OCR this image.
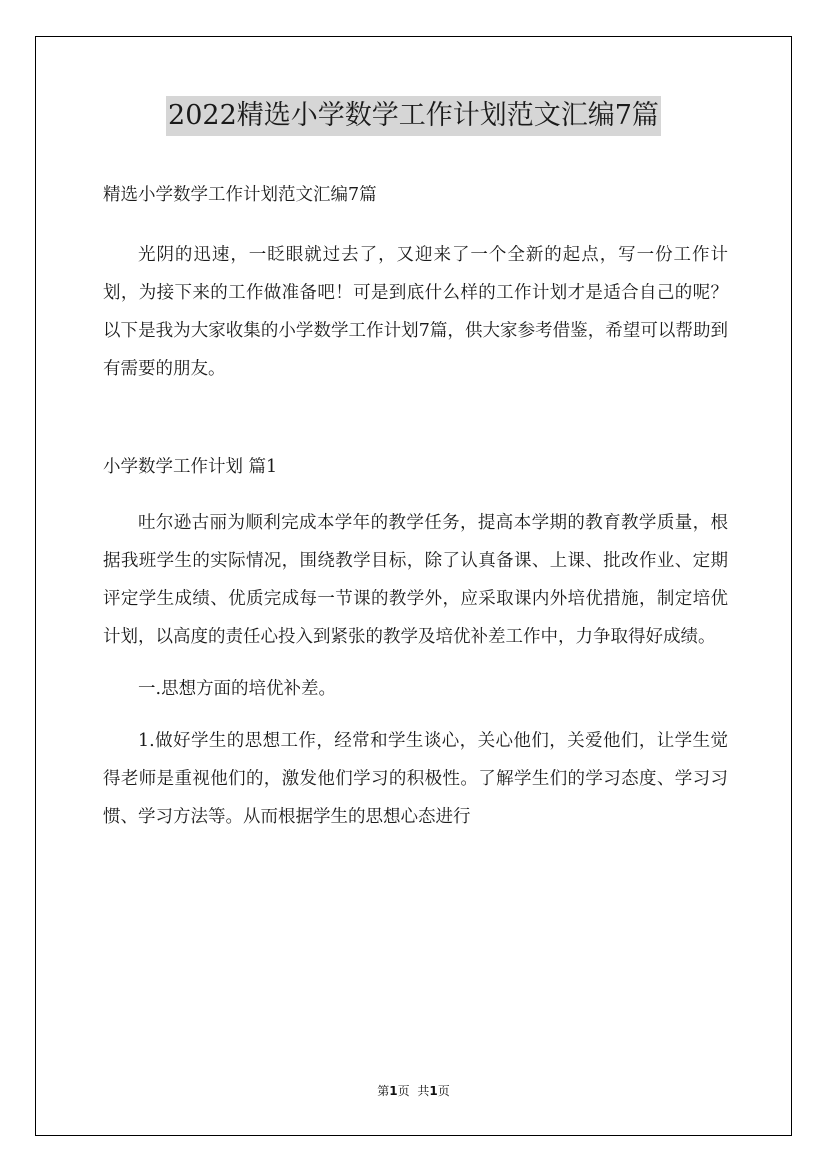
2022精选小学数学工作计划范文汇编7篇

精选小学数学工作计划范文汇编7篇

光阴的迅速，一眨眼就过去了，又迎来了一个全新的起点，写一份工作计划，为接下来的工作做准备吧！可是到底什么样的工作计划才是适合自己的呢？以下是我为大家收集的小学数学工作计划7篇，供大家参考借鉴，希望可以帮助到有需要的朋友。

小学数学工作计划 篇1

吐尔逊古丽为顺利完成本学年的教学任务，提高本学期的教育教学质量，根据我班学生的实际情况，围绕教学目标，除了认真备课、上课、批改作业、定期评定学生成绩、优质完成每一节课的教学外，应采取课内外培优措施，制定培优计划，以高度的责任心投入到紧张的教学及培优补差工作中，力争取得好成绩。

一.思想方面的培优补差。

1.做好学生的思想工作，经常和学生谈心，关心他们，关爱他们，让学生觉得老师是重视他们的，激发他们学习的积极性。了解学生们的学习态度、学习习惯、学习方法等。从而根据学生的思想心态进行

第1页 共1页
